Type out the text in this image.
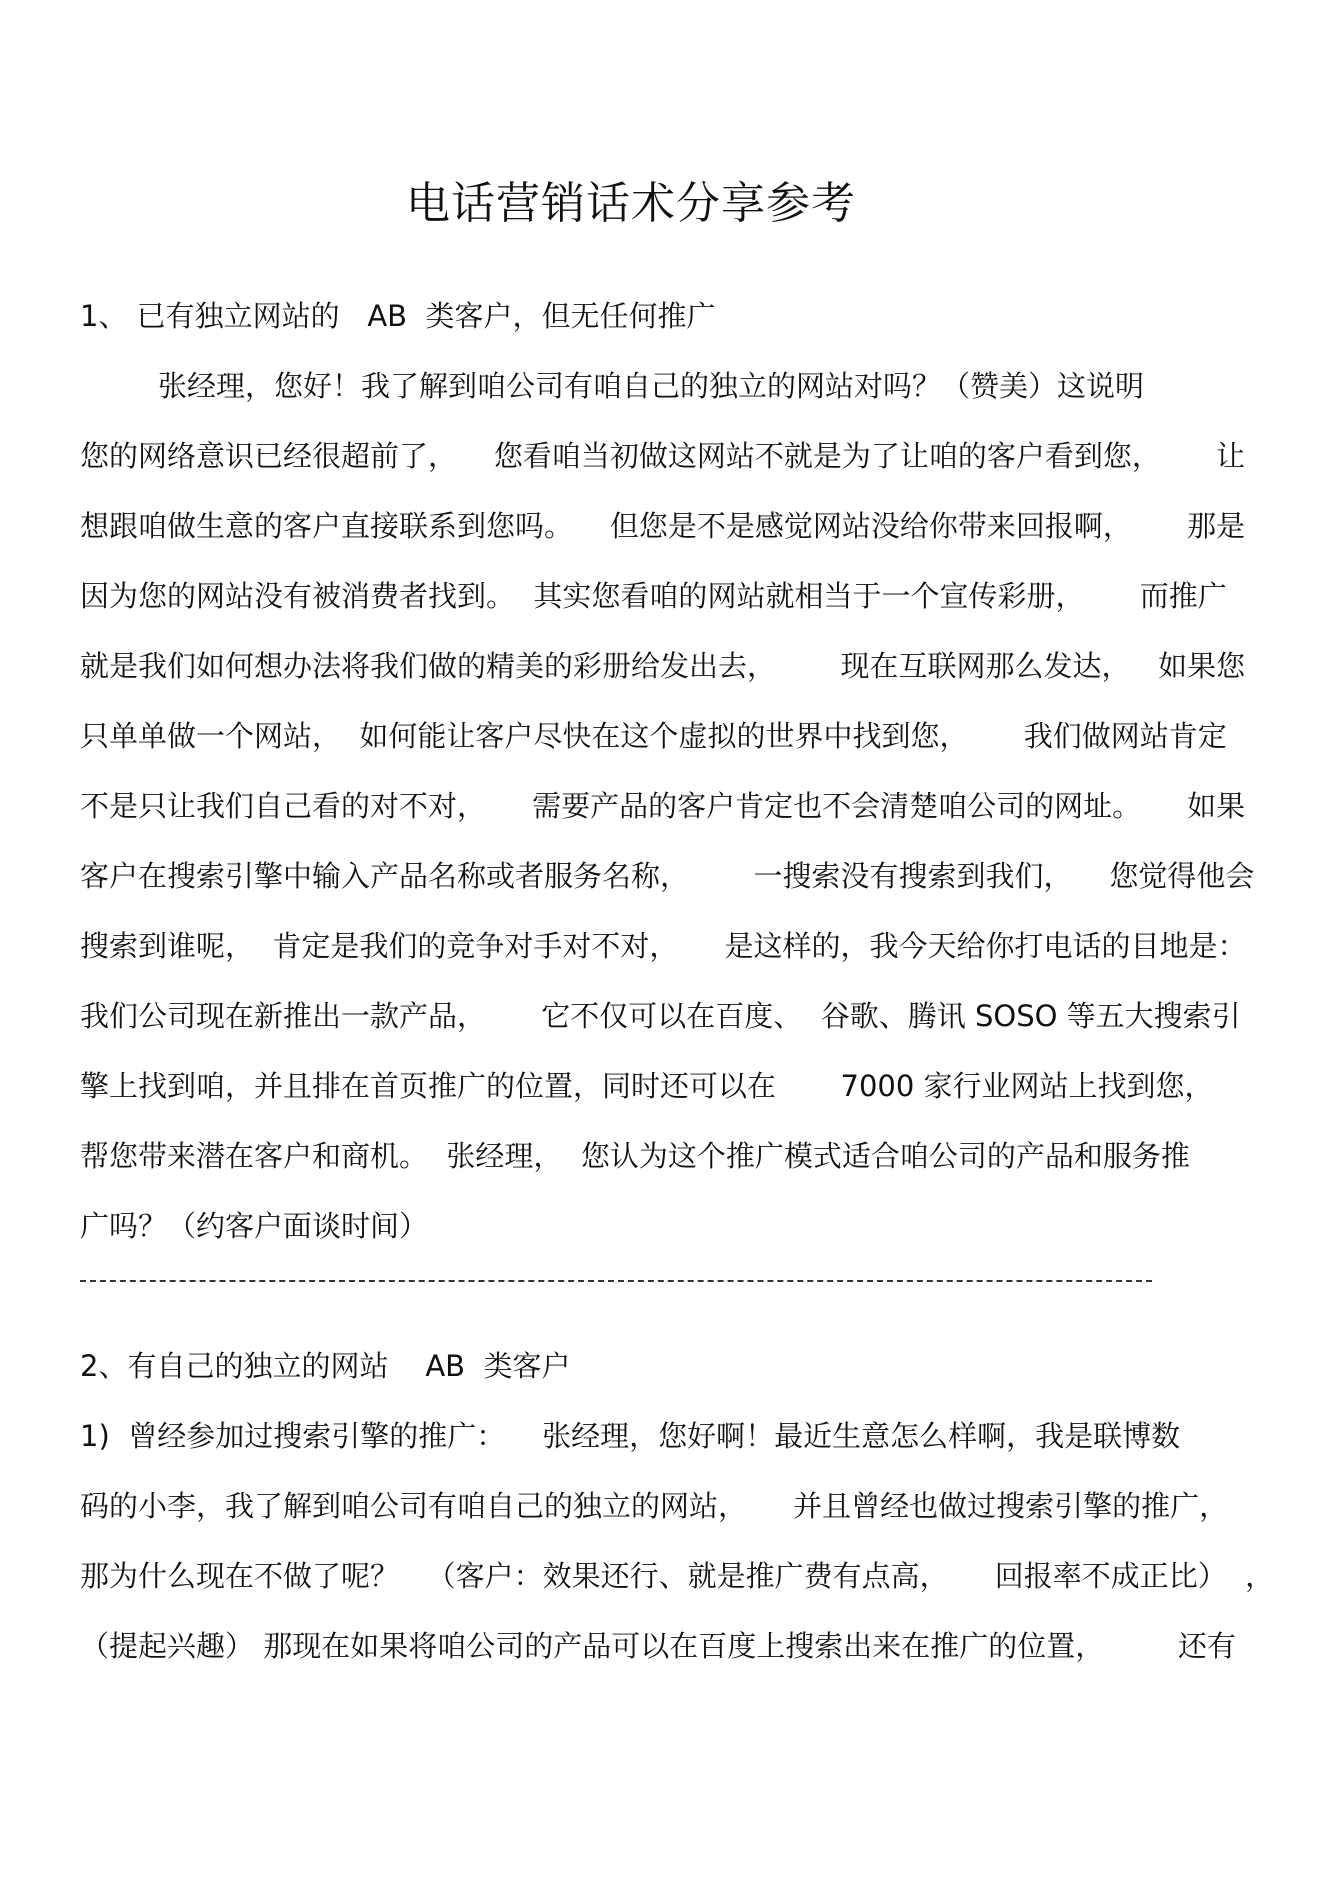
电话营销话术分享参考
1、 已有独立网站的   AB  类客户，但无任何推广
张经理，您好！我了解到咱公司有咱自己的独立的网站对吗？（赞美）这说明
您的网络意识已经很超前了，    您看咱当初做这网站不就是为了让咱的客户看到您，      让
想跟咱做生意的客户直接联系到您吗。    但您是不是感觉网站没给你带来回报啊，      那是
因为您的网站没有被消费者找到。  其实您看咱的网站就相当于一个宣传彩册，      而推广
就是我们如何想办法将我们做的精美的彩册给发出去，       现在互联网那么发达，   如果您
只单单做一个网站，  如何能让客户尽快在这个虚拟的世界中找到您，      我们做网站肯定
不是只让我们自己看的对不对，     需要产品的客户肯定也不会清楚咱公司的网址。     如果
客户在搜索引擎中输入产品名称或者服务名称，       一搜索没有搜索到我们，    您觉得他会
搜索到谁呢，  肯定是我们的竞争对手对不对，     是这样的，我今天给你打电话的目地是：
我们公司现在新推出一款产品，      它不仅可以在百度、  谷歌、腾讯 SOSO 等五大搜索引
擎上找到咱，并且排在首页推广的位置，同时还可以在       7000 家行业网站上找到您，
帮您带来潜在客户和商机。  张经理，  您认为这个推广模式适合咱公司的产品和服务推
广吗？（约客户面谈时间）
2、有自己的独立的网站    AB  类客户
1)  曾经参加过搜索引擎的推广：    张经理，您好啊！最近生意怎么样啊，我是联博数
码的小李，我了解到咱公司有咱自己的独立的网站，     并且曾经也做过搜索引擎的推广，
那为什么现在不做了呢？   （客户：效果还行、就是推广费有点高，     回报率不成正比）  ，
（提起兴趣） 那现在如果将咱公司的产品可以在百度上搜索出来在推广的位置，        还有
